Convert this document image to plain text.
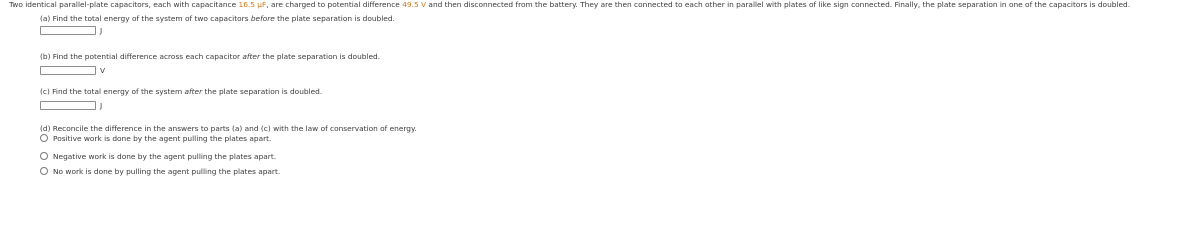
Two identical parallel-plate capacitors, each with capacitance 16.5 µF, are charged to potential difference 49.5 V and then disconnected from the battery. They are then connected to each other in parallel with plates of like sign connected. Finally, the plate separation in one of the capacitors is doubled.
(a) Find the total energy of the system of two capacitors before the plate separation is doubled.
J
(b) Find the potential difference across each capacitor after the plate separation is doubled.
V
(c) Find the total energy of the system after the plate separation is doubled.
J
(d) Reconcile the difference in the answers to parts (a) and (c) with the law of conservation of energy.
Positive work is done by the agent pulling the plates apart.
Negative work is done by the agent pulling the plates apart.
No work is done by pulling the agent pulling the plates apart.
